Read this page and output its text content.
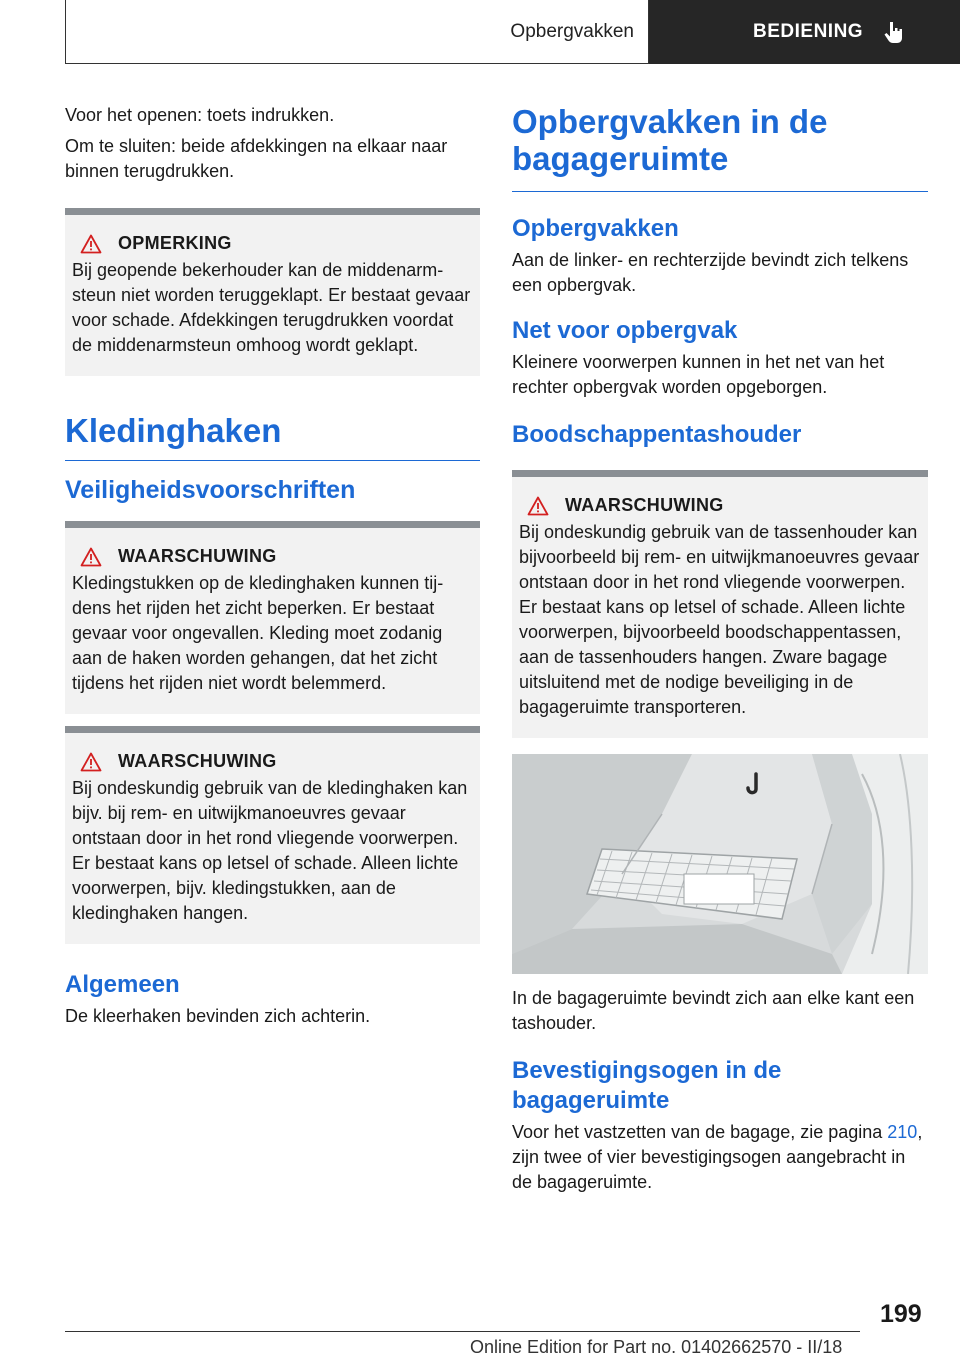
Opbergvakken	BEDIENING

Voor het openen: toets indrukken.

Om te sluiten: beide afdekkingen na elkaar naar binnen terugdrukken.

OPMERKING

Bij geopende bekerhouder kan de middenarmsteun niet worden teruggeklapt. Er bestaat gevaar voor schade. Afdekkingen terugdrukken voordat de middenarmsteun omhoog wordt geklapt.

Kledinghaken
Veiligheidsvoorschriften
WAARSCHUWING

Kledingstukken op de kledinghaken kunnen tijdens het rijden het zicht beperken. Er bestaat gevaar voor ongevallen. Kleding moet zodanig aan de haken worden gehangen, dat het zicht tijdens het rijden niet wordt belemmerd.

WAARSCHUWING

Bij ondeskundig gebruik van de kledinghaken kan bijv. bij rem- en uitwijkmanoeuvres gevaar ontstaan door in het rond vliegende voorwerpen. Er bestaat kans op letsel of schade. Alleen lichte voorwerpen, bijv. kledingstukken, aan de kledinghaken hangen.

Algemeen

De kleerhaken bevinden zich achterin.

Opbergvakken in de bagageruimte
Opbergvakken

Aan de linker- en rechterzijde bevindt zich telkens een opbergvak.

Net voor opbergvak

Kleinere voorwerpen kunnen in het net van het rechter opbergvak worden opgeborgen.

Boodschappentashouder
WAARSCHUWING

Bij ondeskundig gebruik van de tassenhouder kan bijvoorbeeld bij rem- en uitwijkmanoeuvres gevaar ontstaan door in het rond vliegende voorwerpen. Er bestaat kans op letsel of schade. Alleen lichte voorwerpen, bijvoorbeeld boodschappentassen, aan de tassenhouders hangen. Zware bagage uitsluitend met de nodige beveiliging in de bagageruimte transporteren.

In de bagageruimte bevindt zich aan elke kant een tashouder.

Bevestigingsogen in de bagageruimte

Voor het vastzetten van de bagage, zie pagina 210, zijn twee of vier bevestigingsogen aangebracht in de bagageruimte.

199
Online Edition for Part no. 01402662570 - II/18
